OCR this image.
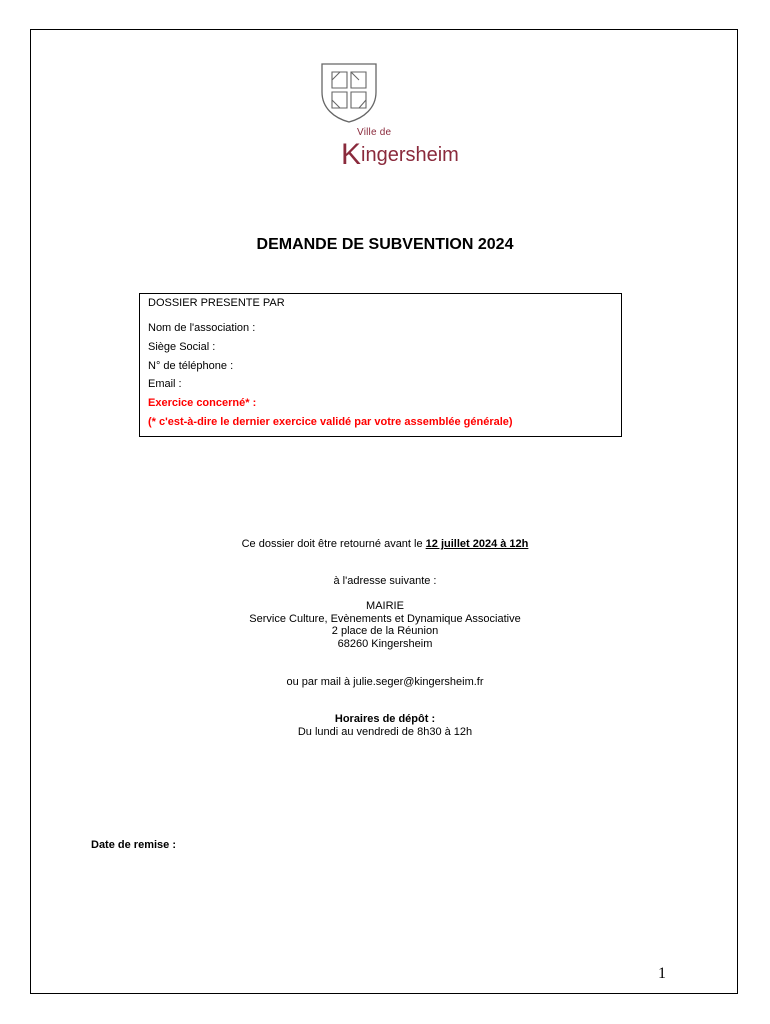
Ville de
Kingersheim
DEMANDE DE SUBVENTION 2024
DOSSIER PRESENTE PAR
Nom de l'association :
Siège Social :
N° de téléphone :
Email :
Exercice concerné* :
(* c'est-à-dire le dernier exercice validé par votre assemblée générale)
Ce dossier doit être retourné avant le 12 juillet 2024 à 12h
à l'adresse suivante :
MAIRIE
Service Culture, Evènements et Dynamique Associative
2 place de la Réunion
68260 Kingersheim
ou par mail à julie.seger@kingersheim.fr
Horaires de dépôt :
Du lundi au vendredi de 8h30 à 12h
Date de remise :
1
